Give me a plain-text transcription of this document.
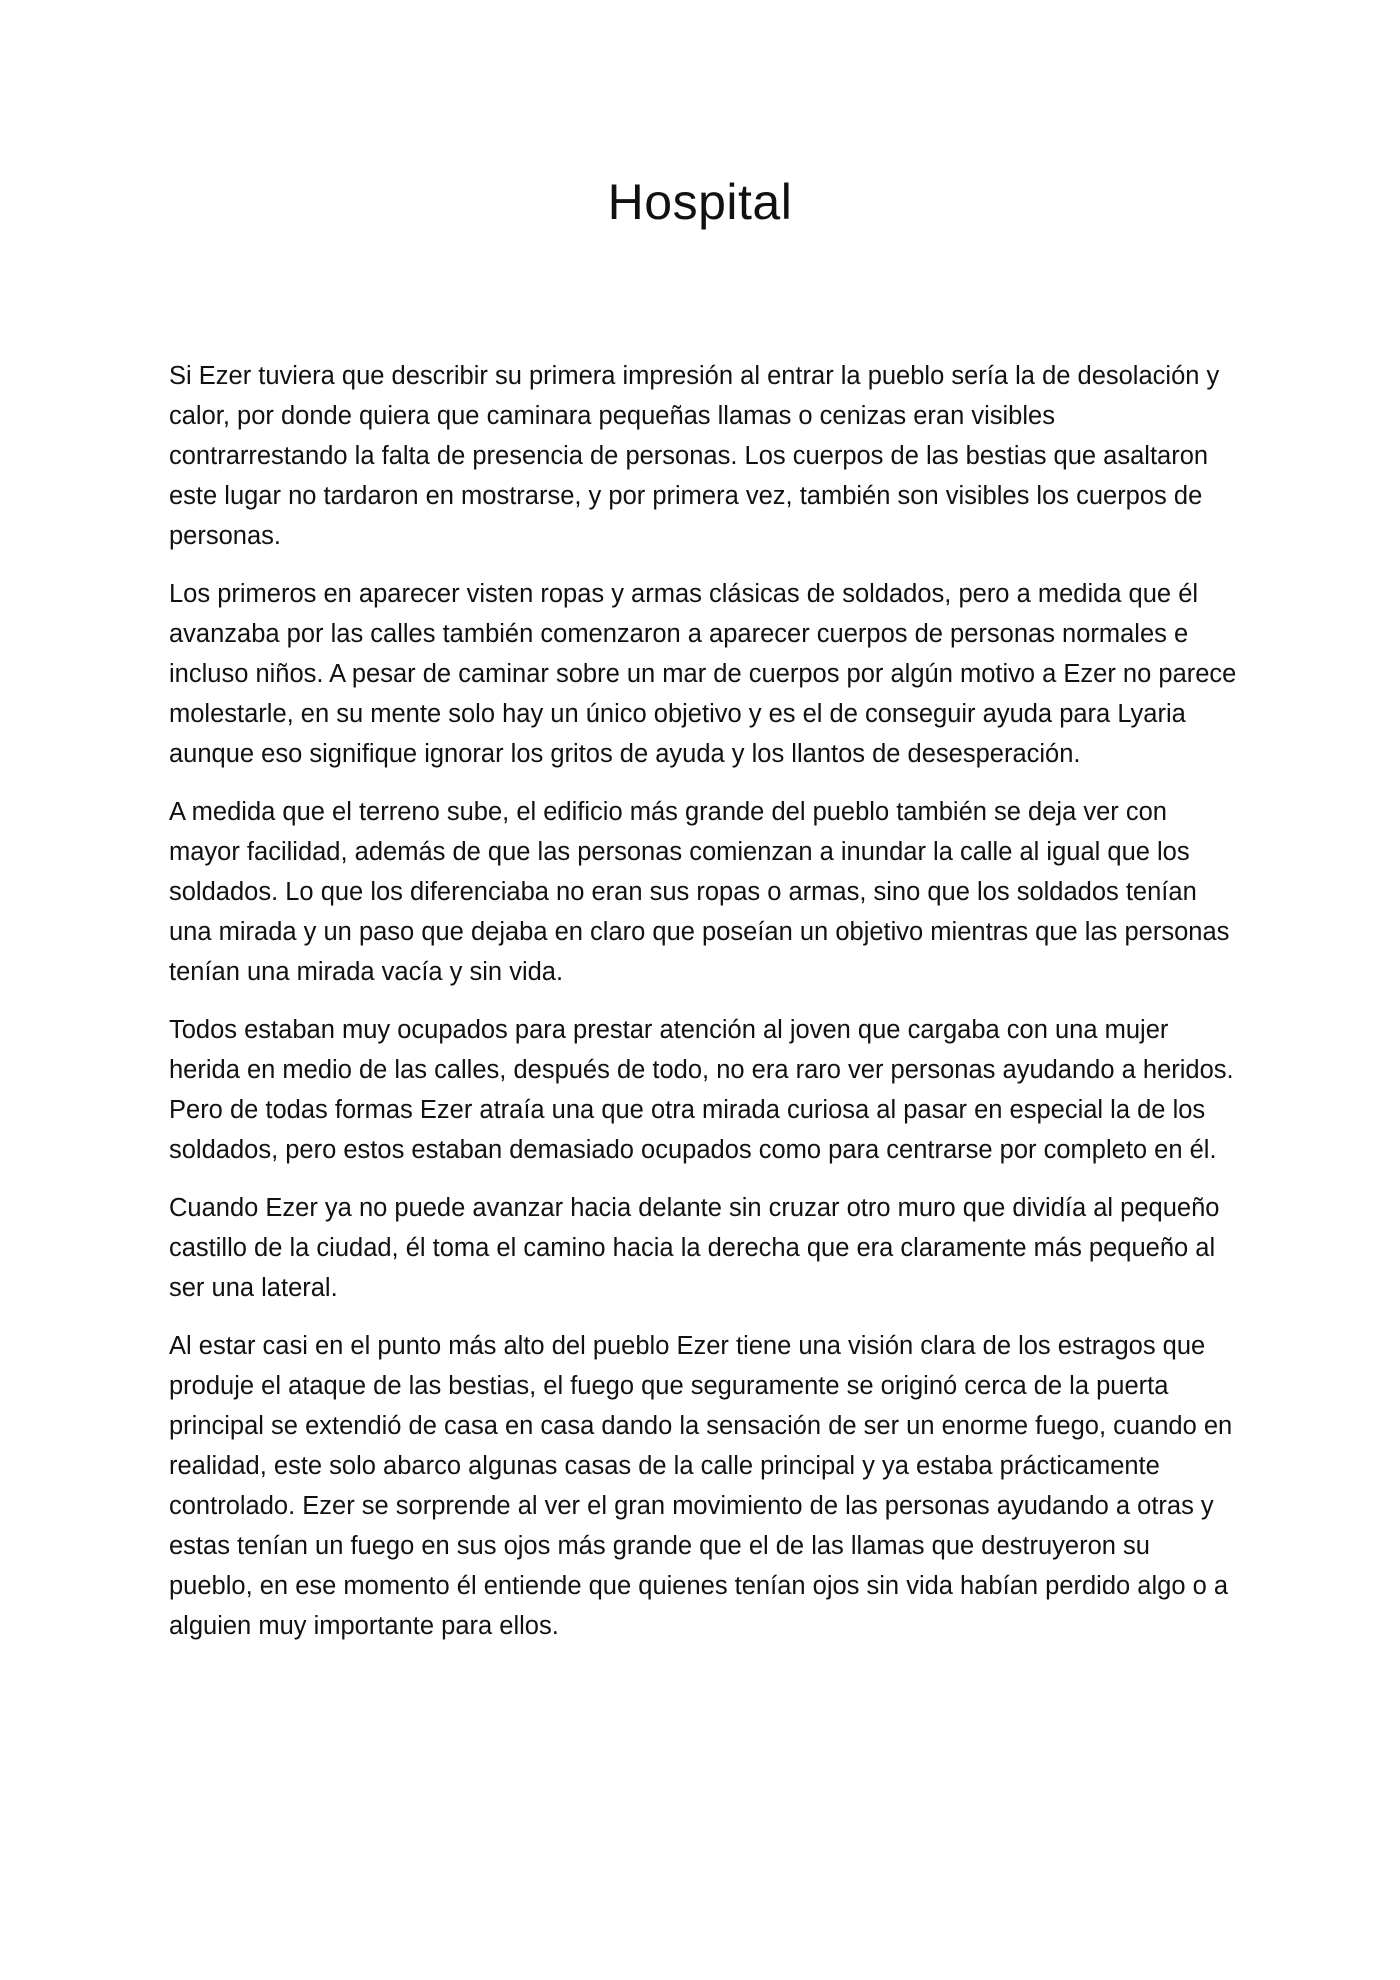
Hospital

Si Ezer tuviera que describir su primera impresión al entrar la pueblo sería la de desolación y calor, por donde quiera que caminara pequeñas llamas o cenizas eran visibles contrarrestando la falta de presencia de personas. Los cuerpos de las bestias que asaltaron este lugar no tardaron en mostrarse, y por primera vez, también son visibles los cuerpos de personas.

Los primeros en aparecer visten ropas y armas clásicas de soldados, pero a medida que él avanzaba por las calles también comenzaron a aparecer cuerpos de personas normales e incluso niños. A pesar de caminar sobre un mar de cuerpos por algún motivo a Ezer no parece molestarle, en su mente solo hay un único objetivo y es el de conseguir ayuda para Lyaria aunque eso signifique ignorar los gritos de ayuda y los llantos de desesperación.

A medida que el terreno sube, el edificio más grande del pueblo también se deja ver con mayor facilidad, además de que las personas comienzan a inundar la calle al igual que los soldados. Lo que los diferenciaba no eran sus ropas o armas, sino que los soldados tenían una mirada y un paso que dejaba en claro que poseían un objetivo mientras que las personas tenían una mirada vacía y sin vida.

Todos estaban muy ocupados para prestar atención al joven que cargaba con una mujer herida en medio de las calles, después de todo, no era raro ver personas ayudando a heridos. Pero de todas formas Ezer atraía una que otra mirada curiosa al pasar en especial la de los soldados, pero estos estaban demasiado ocupados como para centrarse por completo en él.

Cuando Ezer ya no puede avanzar hacia delante sin cruzar otro muro que dividía al pequeño castillo de la ciudad, él toma el camino hacia la derecha que era claramente más pequeño al ser una lateral.

Al estar casi en el punto más alto del pueblo Ezer tiene una visión clara de los estragos que produje el ataque de las bestias, el fuego que seguramente se originó cerca de la puerta principal se extendió de casa en casa dando la sensación de ser un enorme fuego, cuando en realidad, este solo abarco algunas casas de la calle principal y ya estaba prácticamente controlado. Ezer se sorprende al ver el gran movimiento de las personas ayudando a otras y estas tenían un fuego en sus ojos más grande que el de las llamas que destruyeron su pueblo, en ese momento él entiende que quienes tenían ojos sin vida habían perdido algo o a alguien muy importante para ellos.
